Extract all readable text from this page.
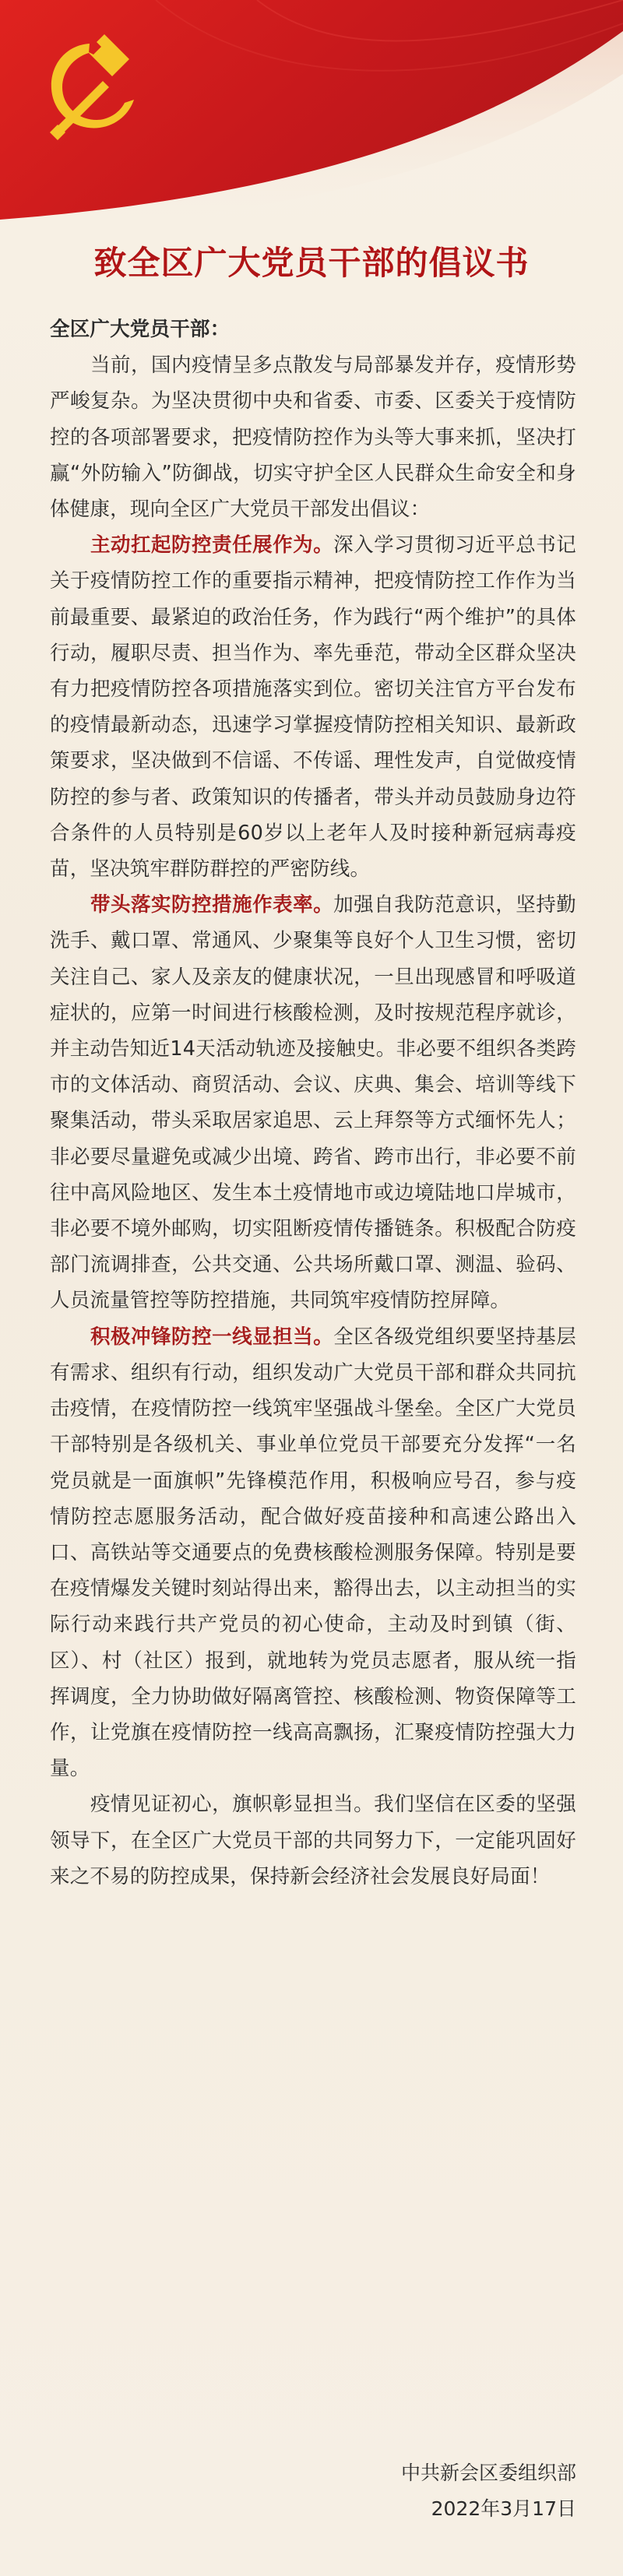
致全区广大党员干部的倡议书

全区广大党员干部：

当前，国内疫情呈多点散发与局部暴发并存，疫情形势严峻复杂。为坚决贯彻中央和省委、市委、区委关于疫情防控的各项部署要求，把疫情防控作为头等大事来抓，坚决打赢“外防输入”防御战，切实守护全区人民群众生命安全和身体健康，现向全区广大党员干部发出倡议：

主动扛起防控责任展作为。深入学习贯彻习近平总书记关于疫情防控工作的重要指示精神，把疫情防控工作作为当前最重要、最紧迫的政治任务，作为践行“两个维护”的具体行动，履职尽责、担当作为、率先垂范，带动全区群众坚决有力把疫情防控各项措施落实到位。密切关注官方平台发布的疫情最新动态，迅速学习掌握疫情防控相关知识、最新政策要求，坚决做到不信谣、不传谣、理性发声，自觉做疫情防控的参与者、政策知识的传播者，带头并动员鼓励身边符合条件的人员特别是60岁以上老年人及时接种新冠病毒疫苗，坚决筑牢群防群控的严密防线。

带头落实防控措施作表率。加强自我防范意识，坚持勤洗手、戴口罩、常通风、少聚集等良好个人卫生习惯，密切关注自己、家人及亲友的健康状况，一旦出现感冒和呼吸道症状的，应第一时间进行核酸检测，及时按规范程序就诊，并主动告知近14天活动轨迹及接触史。非必要不组织各类跨市的文体活动、商贸活动、会议、庆典、集会、培训等线下聚集活动，带头采取居家追思、云上拜祭等方式缅怀先人；非必要尽量避免或减少出境、跨省、跨市出行，非必要不前往中高风险地区、发生本土疫情地市或边境陆地口岸城市，非必要不境外邮购，切实阻断疫情传播链条。积极配合防疫部门流调排查，公共交通、公共场所戴口罩、测温、验码、人员流量管控等防控措施，共同筑牢疫情防控屏障。

积极冲锋防控一线显担当。全区各级党组织要坚持基层有需求、组织有行动，组织发动广大党员干部和群众共同抗击疫情，在疫情防控一线筑牢坚强战斗堡垒。全区广大党员干部特别是各级机关、事业单位党员干部要充分发挥“一名党员就是一面旗帜”先锋模范作用，积极响应号召，参与疫情防控志愿服务活动，配合做好疫苗接种和高速公路出入口、高铁站等交通要点的免费核酸检测服务保障。特别是要在疫情爆发关键时刻站得出来，豁得出去，以主动担当的实际行动来践行共产党员的初心使命，主动及时到镇（街、区）、村（社区）报到，就地转为党员志愿者，服从统一指挥调度，全力协助做好隔离管控、核酸检测、物资保障等工作，让党旗在疫情防控一线高高飘扬，汇聚疫情防控强大力量。

疫情见证初心，旗帜彰显担当。我们坚信在区委的坚强领导下，在全区广大党员干部的共同努力下，一定能巩固好来之不易的防控成果，保持新会经济社会发展良好局面！

中共新会区委组织部
2022年3月17日
